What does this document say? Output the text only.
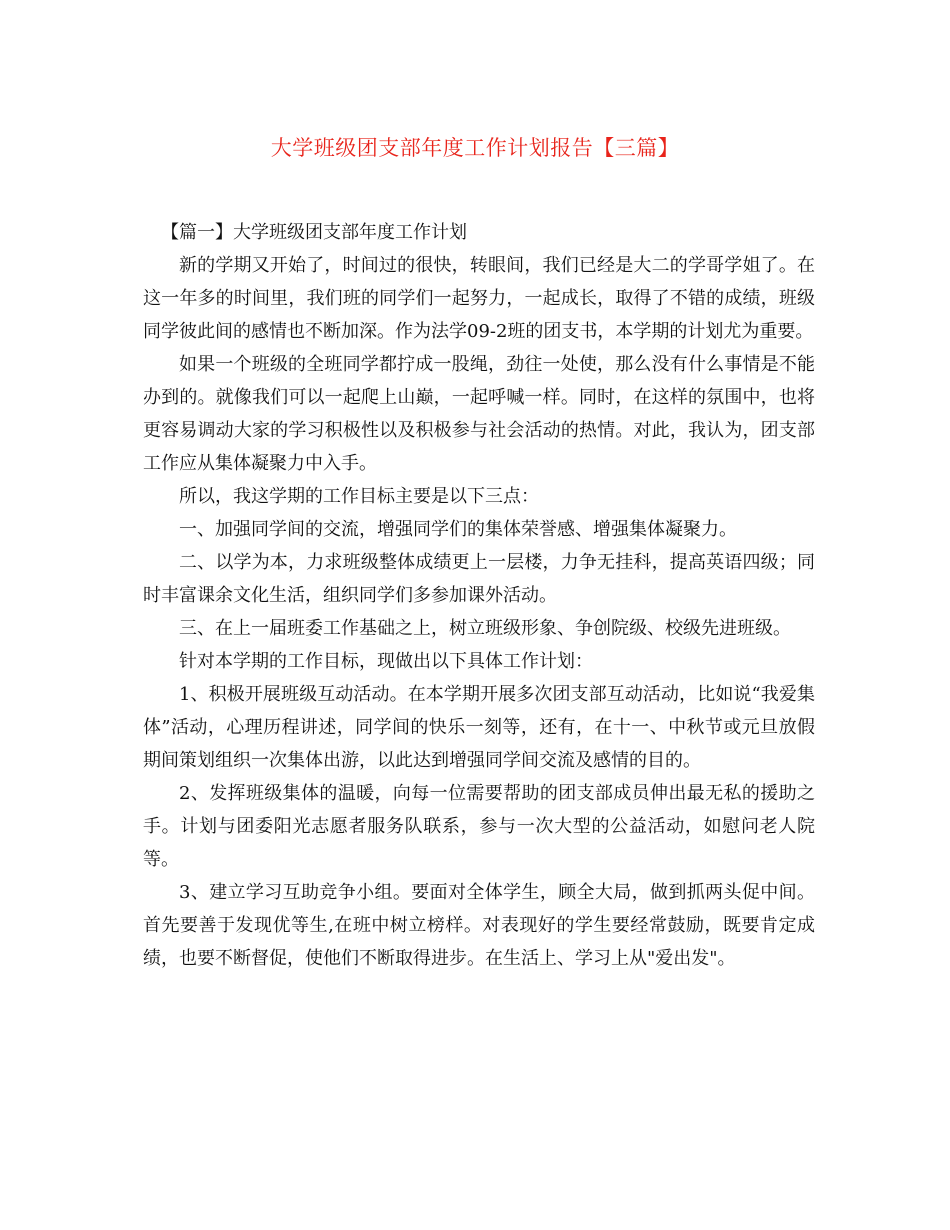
大学班级团支部年度工作计划报告【三篇】

【篇一】大学班级团支部年度工作计划

新的学期又开始了，时间过的很快，转眼间，我们已经是大二的学哥学姐了。在这一年多的时间里，我们班的同学们一起努力，一起成长，取得了不错的成绩，班级同学彼此间的感情也不断加深。作为法学09-2班的团支书，本学期的计划尤为重要。

如果一个班级的全班同学都拧成一股绳，劲往一处使，那么没有什么事情是不能办到的。就像我们可以一起爬上山巅，一起呼喊一样。同时，在这样的氛围中，也将更容易调动大家的学习积极性以及积极参与社会活动的热情。对此，我认为，团支部工作应从集体凝聚力中入手。

所以，我这学期的工作目标主要是以下三点：

一、加强同学间的交流，增强同学们的集体荣誉感、增强集体凝聚力。

二、以学为本，力求班级整体成绩更上一层楼，力争无挂科，提高英语四级；同时丰富课余文化生活，组织同学们多参加课外活动。

三、在上一届班委工作基础之上，树立班级形象、争创院级、校级先进班级。

针对本学期的工作目标，现做出以下具体工作计划：

1、积极开展班级互动活动。在本学期开展多次团支部互动活动，比如说“我爱集体”活动，心理历程讲述，同学间的快乐一刻等，还有，在十一、中秋节或元旦放假期间策划组织一次集体出游，以此达到增强同学间交流及感情的目的。

2、发挥班级集体的温暖，向每一位需要帮助的团支部成员伸出最无私的援助之手。计划与团委阳光志愿者服务队联系，参与一次大型的公益活动，如慰问老人院等。

3、建立学习互助竞争小组。要面对全体学生，顾全大局，做到抓两头促中间。首先要善于发现优等生,在班中树立榜样。对表现好的学生要经常鼓励，既要肯定成绩，也要不断督促，使他们不断取得进步。在生活上、学习上从"爱出发"。
